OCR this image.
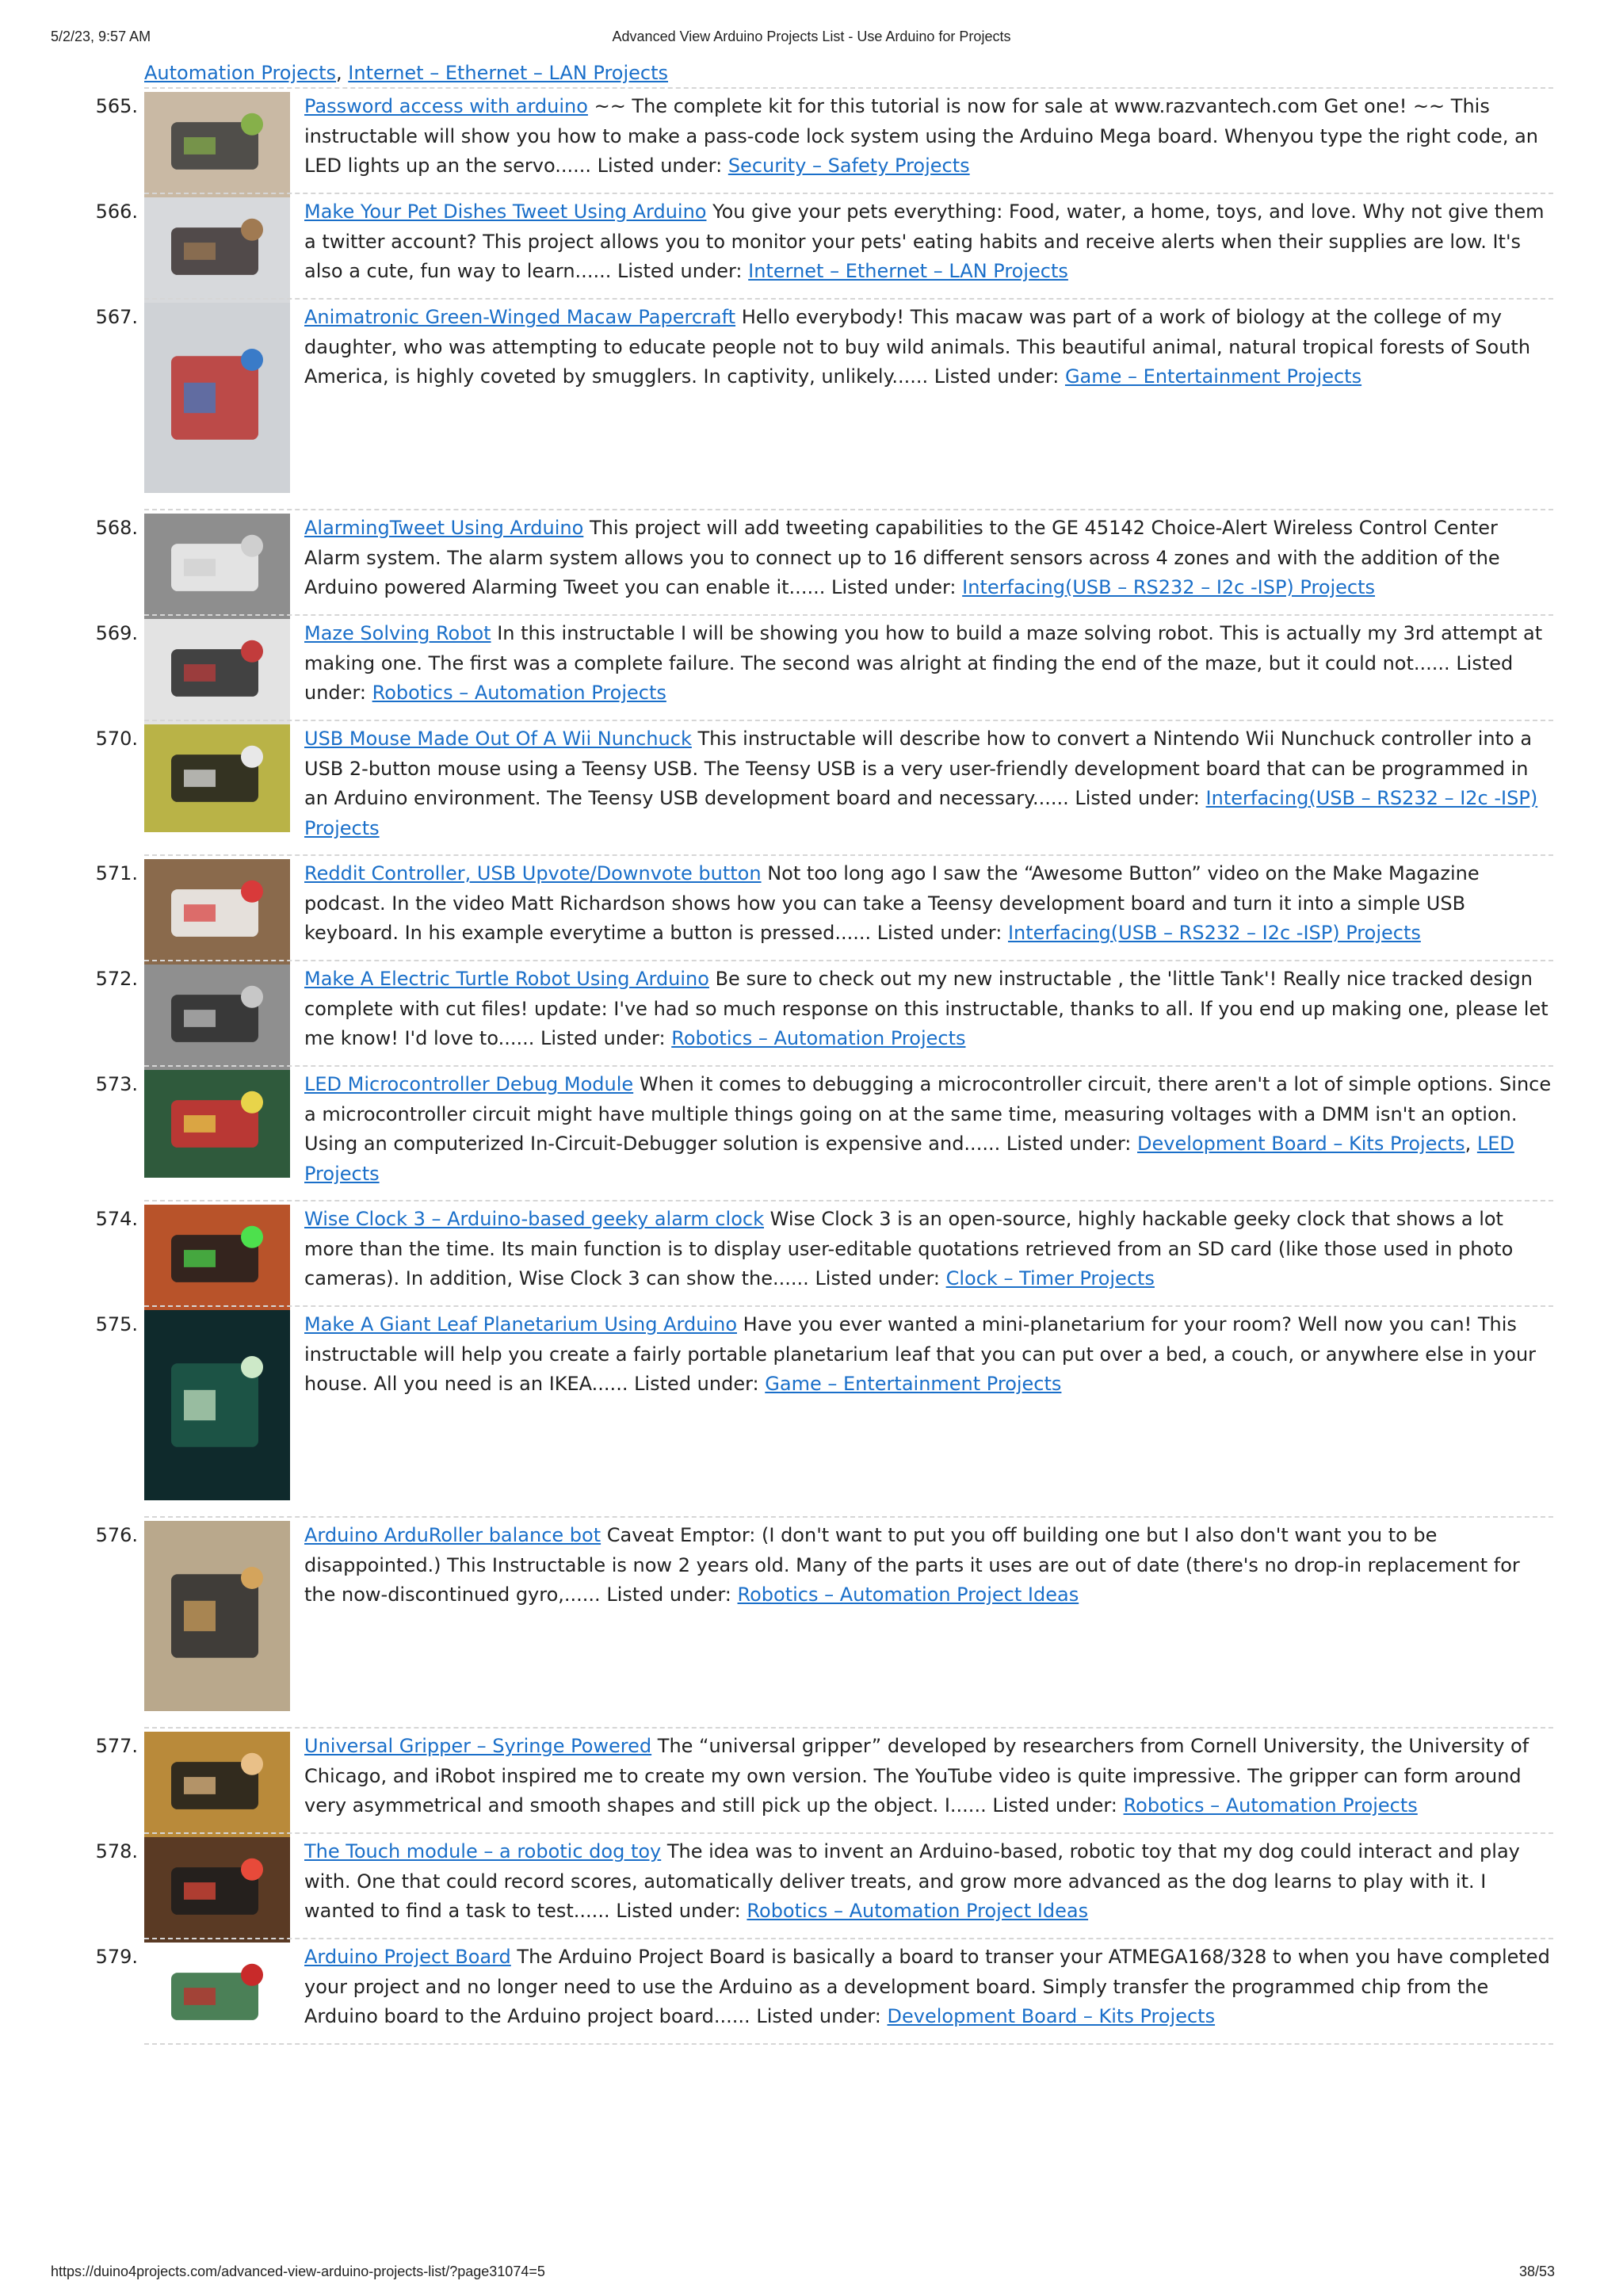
5/2/23, 9:57 AM	Advanced View Arduino Projects List - Use Arduino for Projects
Automation Projects, Internet – Ethernet – LAN Projects
565.	Password access with arduino ~~ The complete kit for this tutorial is now for sale at www.razvantech.com Get one! ~~ This instructable will show you how to make a pass-code lock system using the Arduino Mega board. Whenyou type the right code, an LED lights up an the servo...... Listed under: Security – Safety Projects
566.	Make Your Pet Dishes Tweet Using Arduino You give your pets everything: Food, water, a home, toys, and love. Why not give them a twitter account? This project allows you to monitor your pets' eating habits and receive alerts when their supplies are low. It's also a cute, fun way to learn...... Listed under: Internet – Ethernet – LAN Projects
567.	Animatronic Green-Winged Macaw Papercraft Hello everybody! This macaw was part of a work of biology at the college of my daughter, who was attempting to educate people not to buy wild animals. This beautiful animal, natural tropical forests of South America, is highly coveted by smugglers. In captivity, unlikely...... Listed under: Game – Entertainment Projects
568.	AlarmingTweet Using Arduino This project will add tweeting capabilities to the GE 45142 Choice-Alert Wireless Control Center Alarm system. The alarm system allows you to connect up to 16 different sensors across 4 zones and with the addition of the Arduino powered Alarming Tweet you can enable it...... Listed under: Interfacing(USB – RS232 – I2c -ISP) Projects
569.	Maze Solving Robot In this instructable I will be showing you how to build a maze solving robot. This is actually my 3rd attempt at making one. The first was a complete failure. The second was alright at finding the end of the maze, but it could not...... Listed under: Robotics – Automation Projects
570.	USB Mouse Made Out Of A Wii Nunchuck This instructable will describe how to convert a Nintendo Wii Nunchuck controller into a USB 2-button mouse using a Teensy USB. The Teensy USB is a very user-friendly development board that can be programmed in an Arduino environment. The Teensy USB development board and necessary...... Listed under: Interfacing(USB – RS232 – I2c -ISP) Projects
571.	Reddit Controller, USB Upvote/Downvote button Not too long ago I saw the “Awesome Button” video on the Make Magazine podcast. In the video Matt Richardson shows how you can take a Teensy development board and turn it into a simple USB keyboard. In his example everytime a button is pressed...... Listed under: Interfacing(USB – RS232 – I2c -ISP) Projects
572.	Make A Electric Turtle Robot Using Arduino Be sure to check out my new instructable , the 'little Tank'! Really nice tracked design complete with cut files! update: I've had so much response on this instructable, thanks to all. If you end up making one, please let me know! I'd love to...... Listed under: Robotics – Automation Projects
573.	LED Microcontroller Debug Module When it comes to debugging a microcontroller circuit, there aren't a lot of simple options. Since a microcontroller circuit might have multiple things going on at the same time, measuring voltages with a DMM isn't an option. Using an computerized In-Circuit-Debugger solution is expensive and...... Listed under: Development Board – Kits Projects, LED Projects
574.	Wise Clock 3 – Arduino-based geeky alarm clock Wise Clock 3 is an open-source, highly hackable geeky clock that shows a lot more than the time. Its main function is to display user-editable quotations retrieved from an SD card (like those used in photo cameras). In addition, Wise Clock 3 can show the...... Listed under: Clock – Timer Projects
575.	Make A Giant Leaf Planetarium Using Arduino Have you ever wanted a mini-planetarium for your room? Well now you can! This instructable will help you create a fairly portable planetarium leaf that you can put over a bed, a couch, or anywhere else in your house. All you need is an IKEA...... Listed under: Game – Entertainment Projects
576.	Arduino ArduRoller balance bot Caveat Emptor: (I don't want to put you off building one but I also don't want you to be disappointed.) This Instructable is now 2 years old. Many of the parts it uses are out of date (there's no drop-in replacement for the now-discontinued gyro,...... Listed under: Robotics – Automation Project Ideas
577.	Universal Gripper – Syringe Powered The “universal gripper” developed by researchers from Cornell University, the University of Chicago, and iRobot inspired me to create my own version. The YouTube video is quite impressive. The gripper can form around very asymmetrical and smooth shapes and still pick up the object. I...... Listed under: Robotics – Automation Projects
578.	The Touch module – a robotic dog toy The idea was to invent an Arduino-based, robotic toy that my dog could interact and play with. One that could record scores, automatically deliver treats, and grow more advanced as the dog learns to play with it. I wanted to find a task to test...... Listed under: Robotics – Automation Project Ideas
579.	Arduino Project Board The Arduino Project Board is basically a board to transer your ATMEGA168/328 to when you have completed your project and no longer need to use the Arduino as a development board. Simply transfer the programmed chip from the Arduino board to the Arduino project board...... Listed under: Development Board – Kits Projects
https://duino4projects.com/advanced-view-arduino-projects-list/?page31074=5	38/53
